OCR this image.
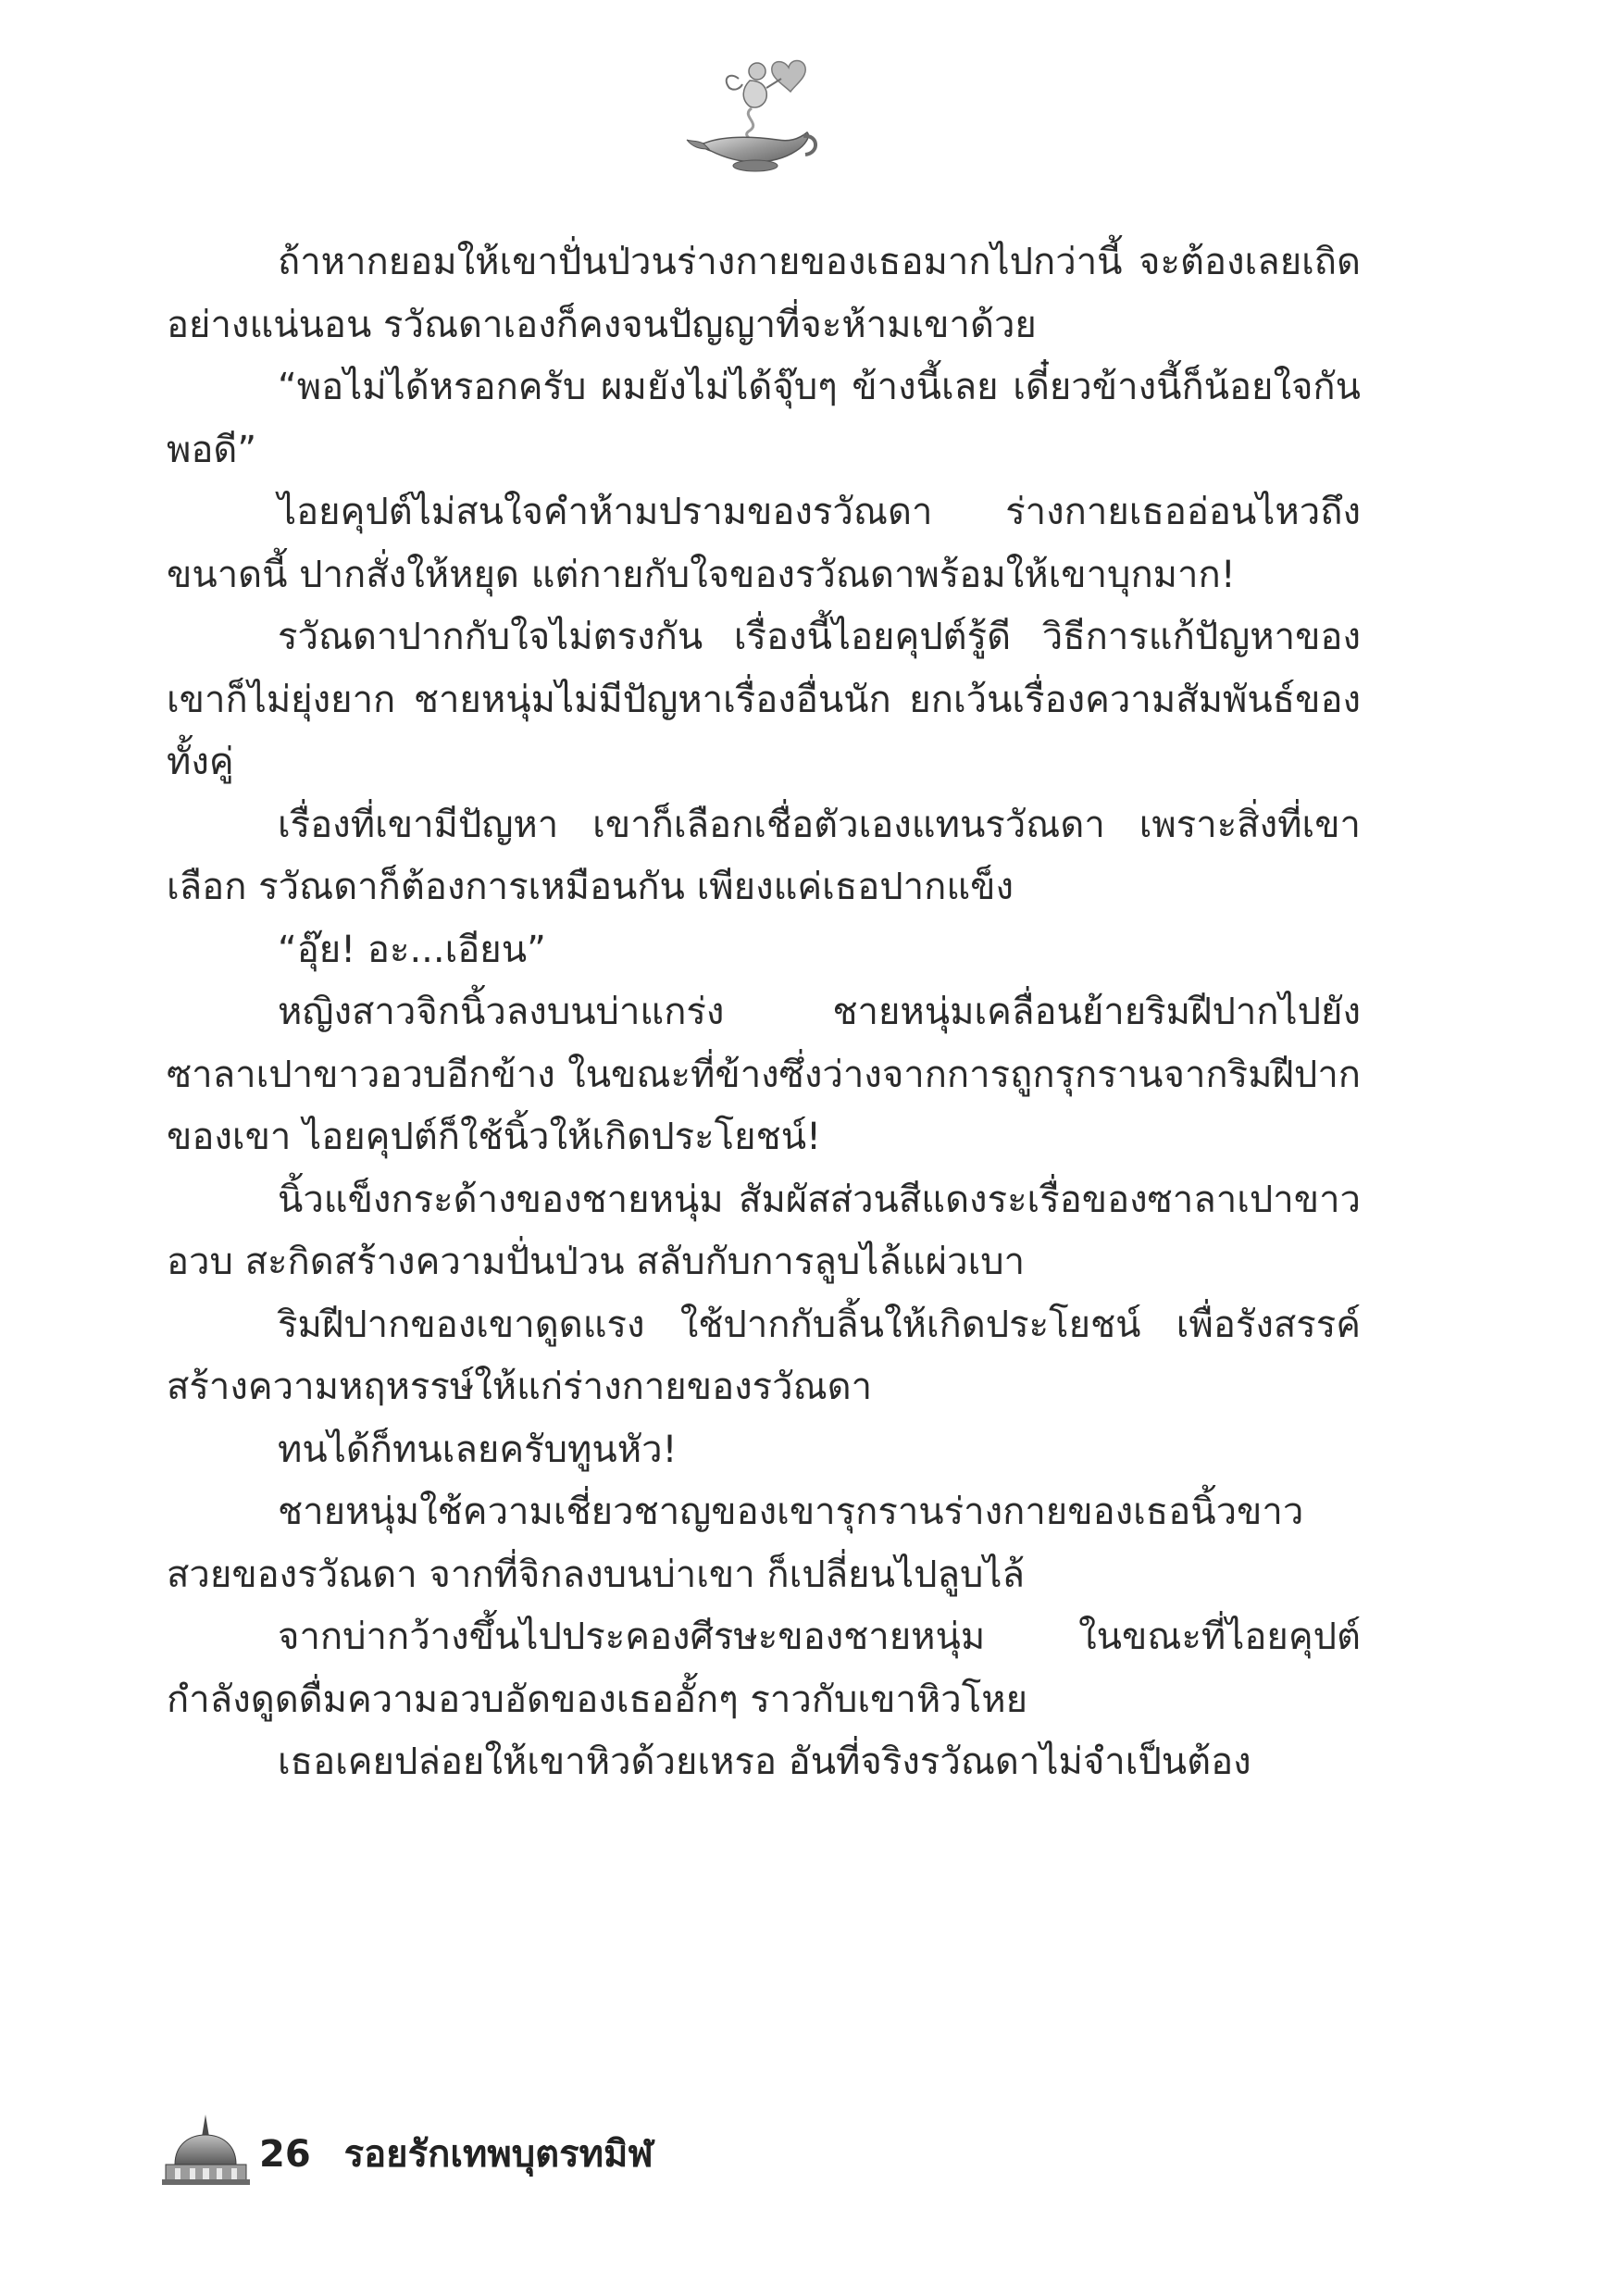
ถ้าหากยอมให้เขาปั่นป่วนร่างกายของเธอมากไปกว่านี้ จะต้องเลยเถิดอย่างแน่นอน รวัณดาเองก็คงจนปัญญาที่จะห้ามเขาด้วย

“พอไม่ได้หรอกครับ ผมยังไม่ได้จุ๊บๆ ข้างนี้เลย เดี๋ยวข้างนี้ก็น้อยใจกันพอดี”

ไอยคุปต์ไม่สนใจคำห้ามปรามของรวัณดา ร่างกายเธออ่อนไหวถึงขนาดนี้ ปากสั่งให้หยุด แต่กายกับใจของรวัณดาพร้อมให้เขาบุกมาก!

รวัณดาปากกับใจไม่ตรงกัน เรื่องนี้ไอยคุปต์รู้ดี วิธีการแก้ปัญหาของเขาก็ไม่ยุ่งยาก ชายหนุ่มไม่มีปัญหาเรื่องอื่นนัก ยกเว้นเรื่องความสัมพันธ์ของทั้งคู่

เรื่องที่เขามีปัญหา เขาก็เลือกเชื่อตัวเองแทนรวัณดา เพราะสิ่งที่เขาเลือก รวัณดาก็ต้องการเหมือนกัน เพียงแค่เธอปากแข็ง

“อุ๊ย! อะ...เอียน”

หญิงสาวจิกนิ้วลงบนบ่าแกร่ง ชายหนุ่มเคลื่อนย้ายริมฝีปากไปยังซาลาเปาขาวอวบอีกข้าง ในขณะที่ข้างซึ่งว่างจากการถูกรุกรานจากริมฝีปากของเขา ไอยคุปต์ก็ใช้นิ้วให้เกิดประโยชน์!

นิ้วแข็งกระด้างของชายหนุ่ม สัมผัสส่วนสีแดงระเรื่อของซาลาเปาขาวอวบ สะกิดสร้างความปั่นป่วน สลับกับการลูบไล้แผ่วเบา

ริมฝีปากของเขาดูดแรง ใช้ปากกับลิ้นให้เกิดประโยชน์ เพื่อรังสรรค์สร้างความหฤหรรษ์ให้แก่ร่างกายของรวัณดา

ทนได้ก็ทนเลยครับทูนหัว!

ชายหนุ่มใช้ความเชี่ยวชาญของเขารุกรานร่างกายของเธอนิ้วขาวสวยของรวัณดา จากที่จิกลงบนบ่าเขา ก็เปลี่ยนไปลูบไล้

จากบ่ากว้างขึ้นไปประคองศีรษะของชายหนุ่ม ในขณะที่ไอยคุปต์กำลังดูดดื่มความอวบอัดของเธออั้กๆ ราวกับเขาหิวโหย

เธอเคยปล่อยให้เขาหิวด้วยเหรอ อันที่จริงรวัณดาไม่จำเป็นต้อง

26 รอยรักเทพบุตรทมิฬ
